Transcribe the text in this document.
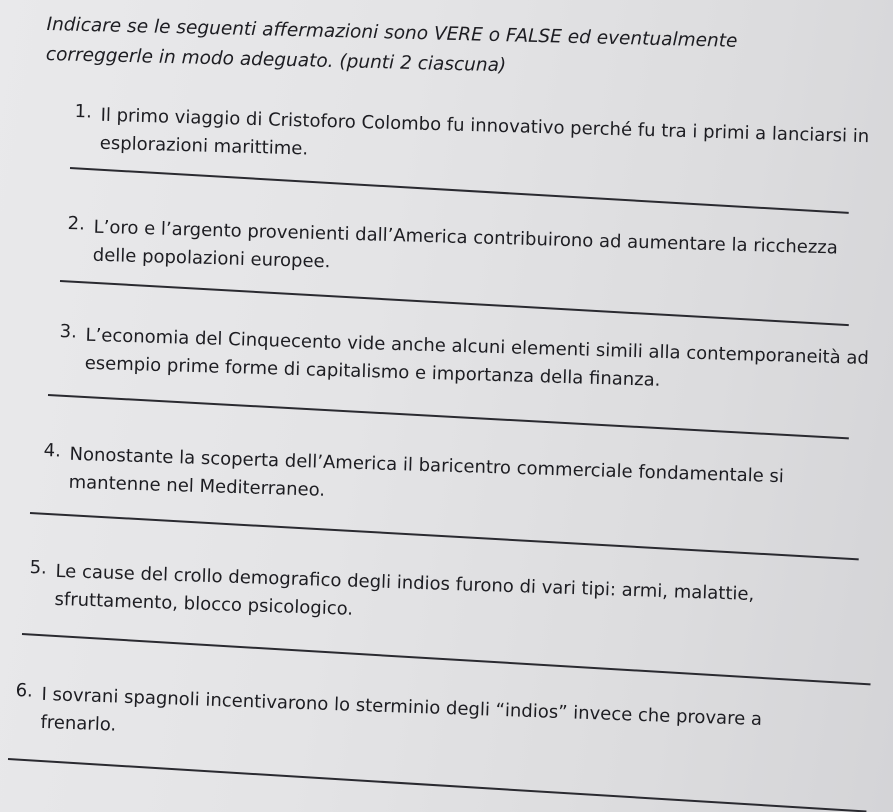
Indicare se le seguenti affermazioni sono VERE o FALSE ed eventualmente correggerle in modo adeguato. (punti 2 ciascuna)

1. Il primo viaggio di Cristoforo Colombo fu innovativo perché fu tra i primi a lanciarsi in esplorazioni marittime.

2. L’oro e l’argento provenienti dall’America contribuirono ad aumentare la ricchezza delle popolazioni europee.

3. L’economia del Cinquecento vide anche alcuni elementi simili alla contemporaneità ad esempio prime forme di capitalismo e importanza della finanza.

4. Nonostante la scoperta dell’America il baricentro commerciale fondamentale si mantenne nel Mediterraneo.

5. Le cause del crollo demografico degli indios furono di vari tipi: armi, malattie, sfruttamento, blocco psicologico.

6. I sovrani spagnoli incentivarono lo sterminio degli “indios” invece che provare a frenarlo.
